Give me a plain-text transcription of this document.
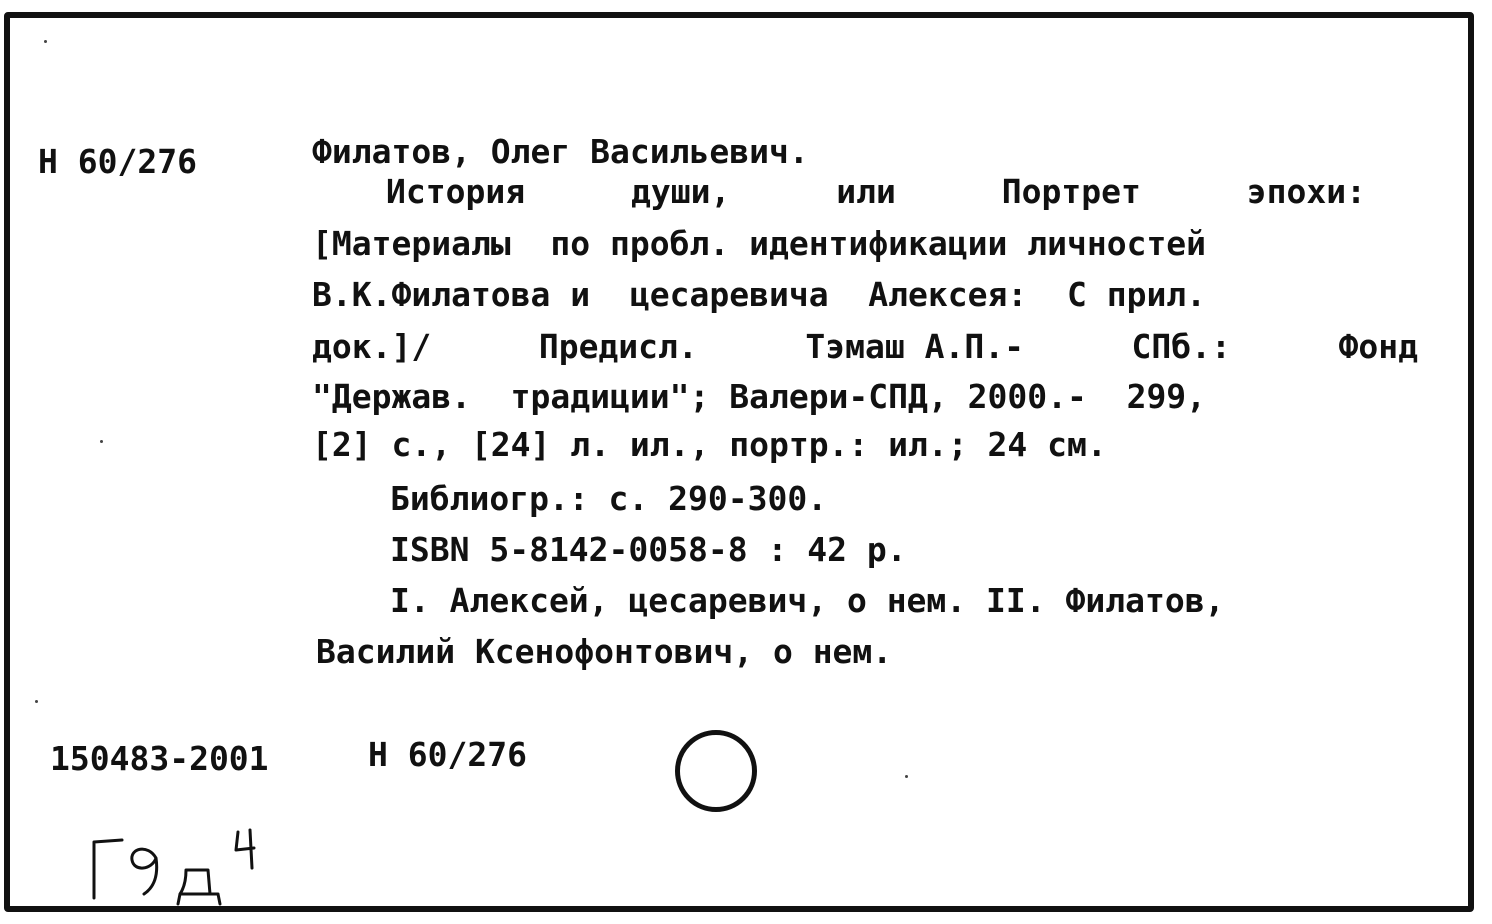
Н 60/276	Филатов, Олег Васильевич.
История	души,	или	Портрет	эпохи:
[Материалы  по пробл. идентификации личностей
В.К.Филатова и  цесаревича  Алексея:  С прил.
док.]/	Предисл.	Тэмаш А.П.-	СПб.:	Фонд
"Держав.  традиции"; Валери-СПД, 2000.-  299,
[2] с., [24] л. ил., портр.: ил.; 24 см.
Библиогр.: с. 290-300.
ISBN 5-8142-0058-8 : 42 р.
I. Алексей, цесаревич, о нем. II. Филатов,
Василий Ксенофонтович, о нем.
150483-2001	Н 60/276
